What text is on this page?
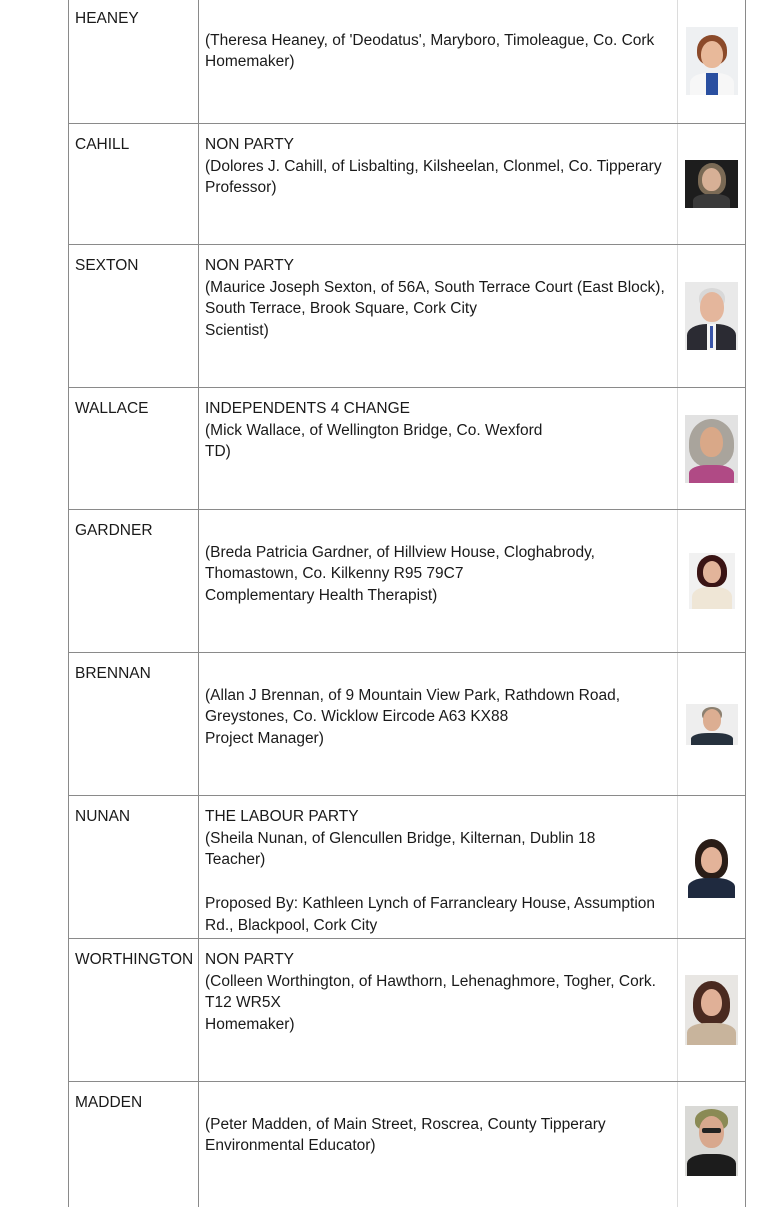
HEANEY
(Theresa Heaney, of 'Deodatus', Maryboro, Timoleague, Co. Cork
Homemaker)
CAHILL	NON PARTY
(Dolores J. Cahill, of Lisbalting, Kilsheelan, Clonmel, Co. Tipperary
Professor)
SEXTON	NON PARTY
(Maurice Joseph Sexton, of 56A, South Terrace Court (East Block),
South Terrace, Brook Square, Cork City
Scientist)
WALLACE	INDEPENDENTS 4 CHANGE
(Mick Wallace, of Wellington Bridge, Co. Wexford
TD)
GARDNER
(Breda Patricia Gardner, of Hillview House, Cloghabrody,
Thomastown, Co. Kilkenny R95 79C7
Complementary Health Therapist)
BRENNAN
(Allan J Brennan, of 9 Mountain View Park, Rathdown Road,
Greystones, Co. Wicklow Eircode A63 KX88
Project Manager)
NUNAN	THE LABOUR PARTY
(Sheila Nunan, of Glencullen Bridge, Kilternan, Dublin 18
Teacher)
Proposed By: Kathleen Lynch of Farrancleary House, Assumption
Rd., Blackpool, Cork City
WORTHINGTON NON PARTY
(Colleen Worthington, of Hawthorn, Lehenaghmore, Togher, Cork.
T12 WR5X
Homemaker)
MADDEN
(Peter Madden, of Main Street, Roscrea, County Tipperary
Environmental Educator)
